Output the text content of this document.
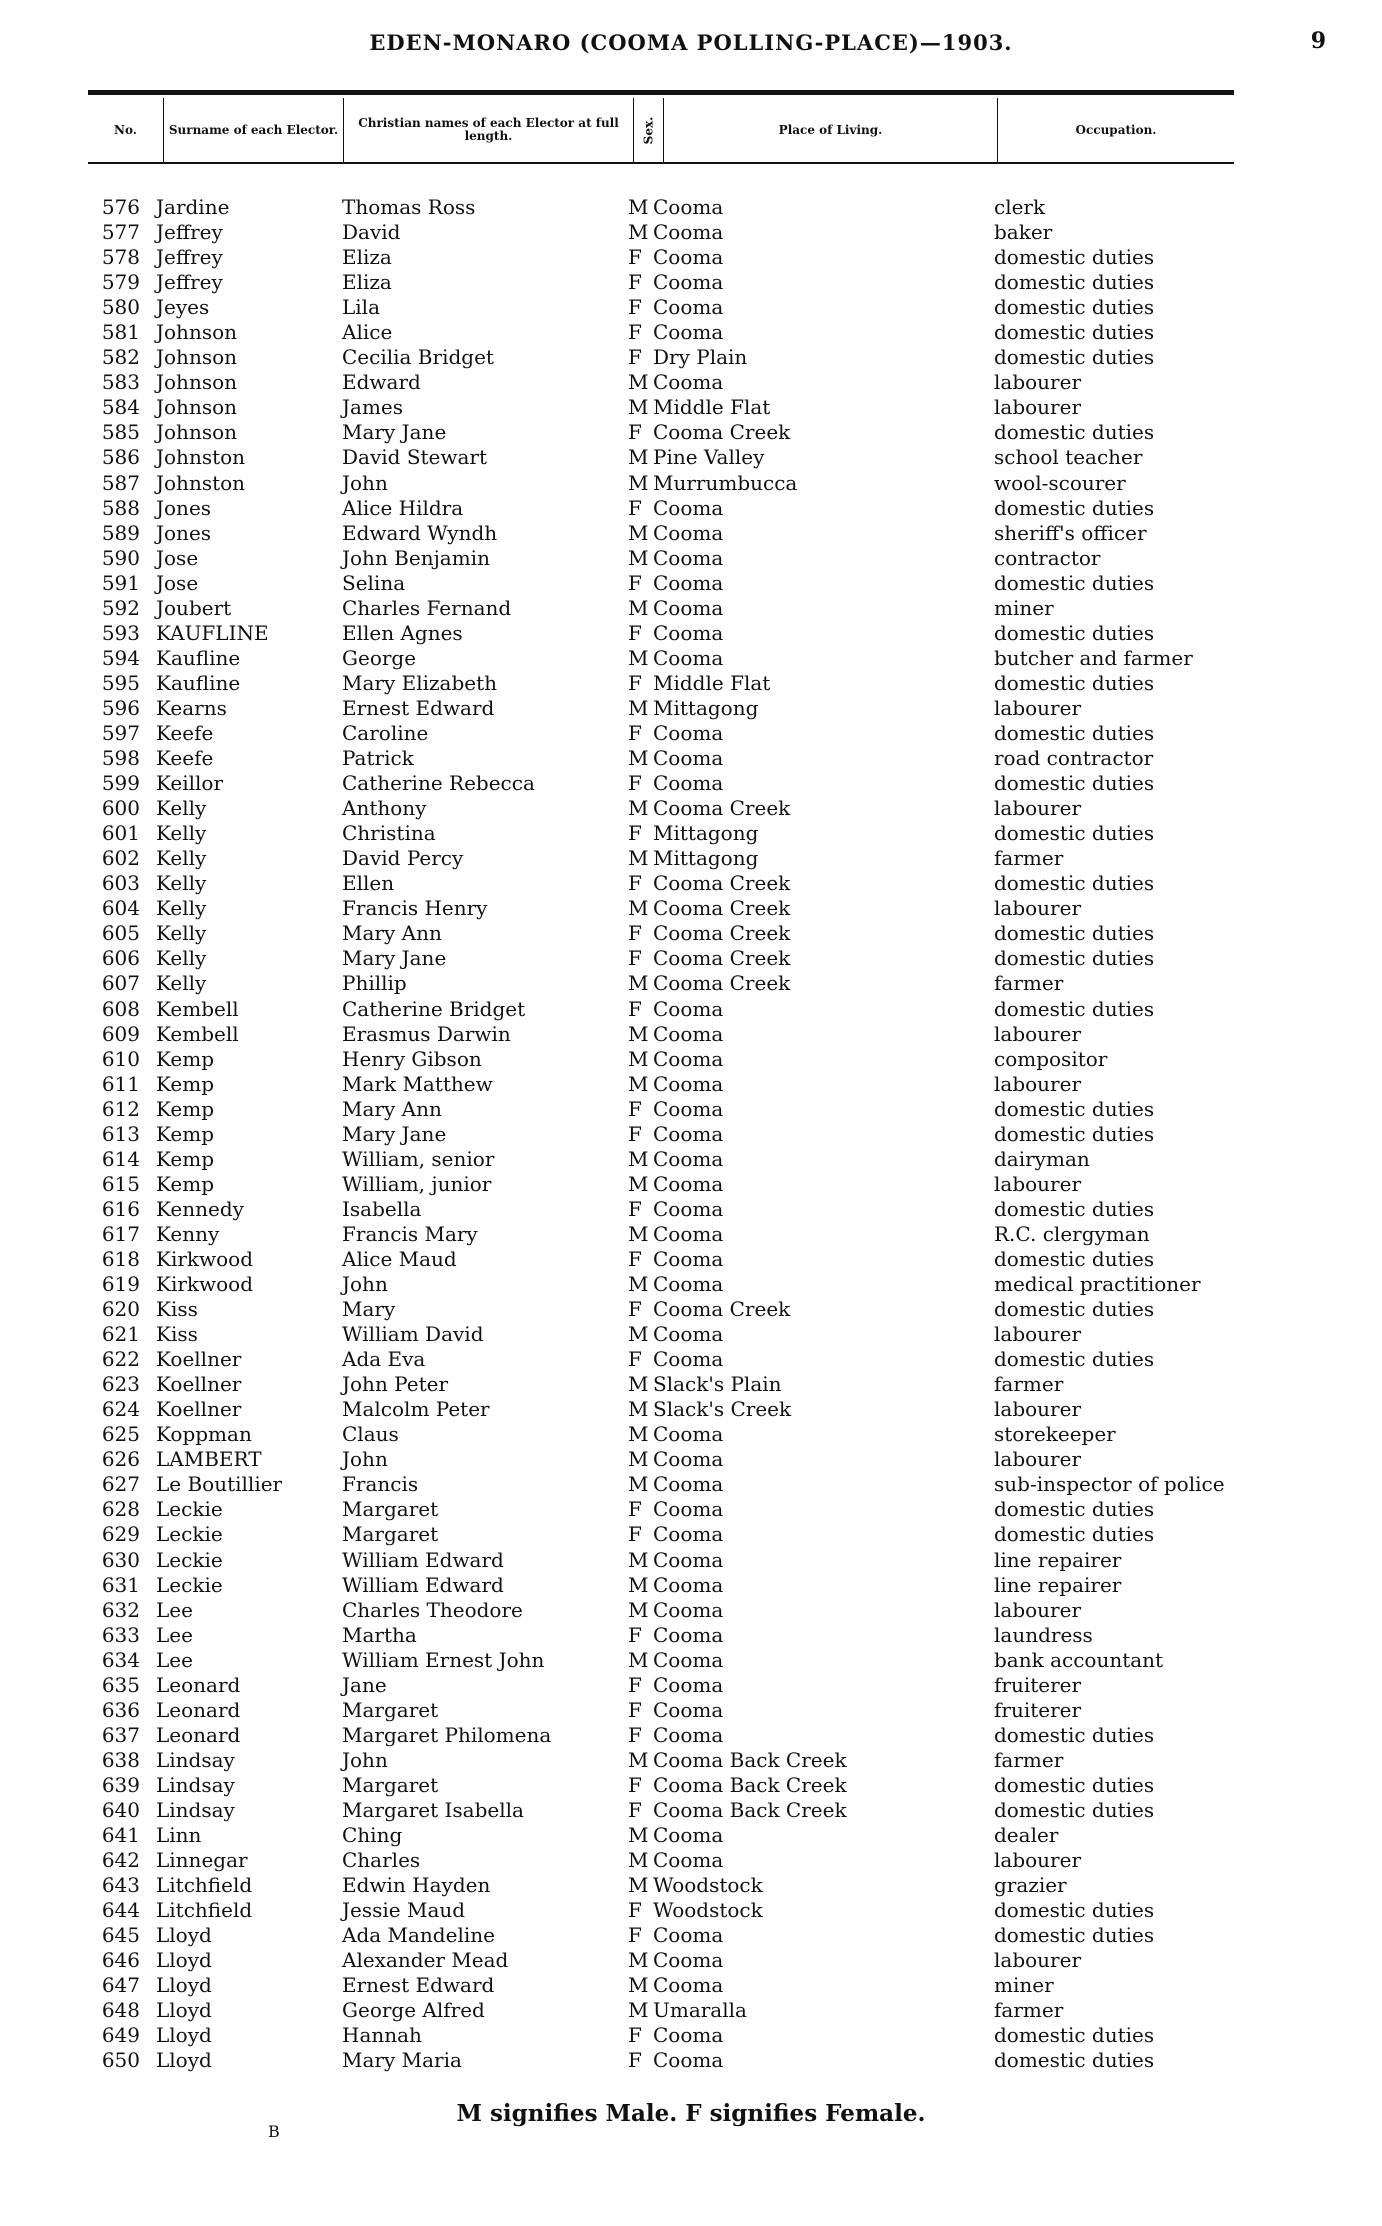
9
EDEN-MONARO (COOMA POLLING-PLACE)—1903.
No.	Surname of each Elector.	Christian names of each Elector at full length.	Sex.	Place of Living.	Occupation.
576 Jardine	Thomas Ross	M Cooma	clerk
577 Jeffrey	David	M Cooma	baker
578 Jeffrey	Eliza	F Cooma	domestic duties
579 Jeffrey	Eliza	F Cooma	domestic duties
580 Jeyes	Lila	F Cooma	domestic duties
581 Johnson	Alice	F Cooma	domestic duties
582 Johnson	Cecilia Bridget	F Dry Plain	domestic duties
583 Johnson	Edward	M Cooma	labourer
584 Johnson	James	M Middle Flat	labourer
585 Johnson	Mary Jane	F Cooma Creek	domestic duties
586 Johnston	David Stewart	M Pine Valley	school teacher
587 Johnston	John	M Murrumbucca	wool-scourer
588 Jones	Alice Hildra	F Cooma	domestic duties
589 Jones	Edward Wyndh	M Cooma	sheriff's officer
590 Jose	John Benjamin	M Cooma	contractor
591 Jose	Selina	F Cooma	domestic duties
592 Joubert	Charles Fernand	M Cooma	miner
593 KAUFLINE	Ellen Agnes	F Cooma	domestic duties
594 Kaufline	George	M Cooma	butcher and farmer
595 Kaufline	Mary Elizabeth	F Middle Flat	domestic duties
596 Kearns	Ernest Edward	M Mittagong	labourer
597 Keefe	Caroline	F Cooma	domestic duties
598 Keefe	Patrick	M Cooma	road contractor
599 Keillor	Catherine Rebecca	F Cooma	domestic duties
600 Kelly	Anthony	M Cooma Creek	labourer
601 Kelly	Christina	F Mittagong	domestic duties
602 Kelly	David Percy	M Mittagong	farmer
603 Kelly	Ellen	F Cooma Creek	domestic duties
604 Kelly	Francis Henry	M Cooma Creek	labourer
605 Kelly	Mary Ann	F Cooma Creek	domestic duties
606 Kelly	Mary Jane	F Cooma Creek	domestic duties
607 Kelly	Phillip	M Cooma Creek	farmer
608 Kembell	Catherine Bridget	F Cooma	domestic duties
609 Kembell	Erasmus Darwin	M Cooma	labourer
610 Kemp	Henry Gibson	M Cooma	compositor
611 Kemp	Mark Matthew	M Cooma	labourer
612 Kemp	Mary Ann	F Cooma	domestic duties
613 Kemp	Mary Jane	F Cooma	domestic duties
614 Kemp	William, senior	M Cooma	dairyman
615 Kemp	William, junior	M Cooma	labourer
616 Kennedy	Isabella	F Cooma	domestic duties
617 Kenny	Francis Mary	M Cooma	R.C. clergyman
618 Kirkwood	Alice Maud	F Cooma	domestic duties
619 Kirkwood	John	M Cooma	medical practitioner
620 Kiss	Mary	F Cooma Creek	domestic duties
621 Kiss	William David	M Cooma	labourer
622 Koellner	Ada Eva	F Cooma	domestic duties
623 Koellner	John Peter	M Slack's Plain	farmer
624 Koellner	Malcolm Peter	M Slack's Creek	labourer
625 Koppman	Claus	M Cooma	storekeeper
626 LAMBERT	John	M Cooma	labourer
627 Le Boutillier	Francis	M Cooma	sub-inspector of police
628 Leckie	Margaret	F Cooma	domestic duties
629 Leckie	Margaret	F Cooma	domestic duties
630 Leckie	William Edward	M Cooma	line repairer
631 Leckie	William Edward	M Cooma	line repairer
632 Lee	Charles Theodore	M Cooma	labourer
633 Lee	Martha	F Cooma	laundress
634 Lee	William Ernest John	M Cooma	bank accountant
635 Leonard	Jane	F Cooma	fruiterer
636 Leonard	Margaret	F Cooma	fruiterer
637 Leonard	Margaret Philomena	F Cooma	domestic duties
638 Lindsay	John	M Cooma Back Creek	farmer
639 Lindsay	Margaret	F Cooma Back Creek	domestic duties
640 Lindsay	Margaret Isabella	F Cooma Back Creek	domestic duties
641 Linn	Ching	M Cooma	dealer
642 Linnegar	Charles	M Cooma	labourer
643 Litchfield	Edwin Hayden	M Woodstock	grazier
644 Litchfield	Jessie Maud	F Woodstock	domestic duties
645 Lloyd	Ada Mandeline	F Cooma	domestic duties
646 Lloyd	Alexander Mead	M Cooma	labourer
647 Lloyd	Ernest Edward	M Cooma	miner
648 Lloyd	George Alfred	M Umaralla	farmer
649 Lloyd	Hannah	F Cooma	domestic duties
650 Lloyd	Mary Maria	F Cooma	domestic duties
M signifies Male. F signifies Female.
B
